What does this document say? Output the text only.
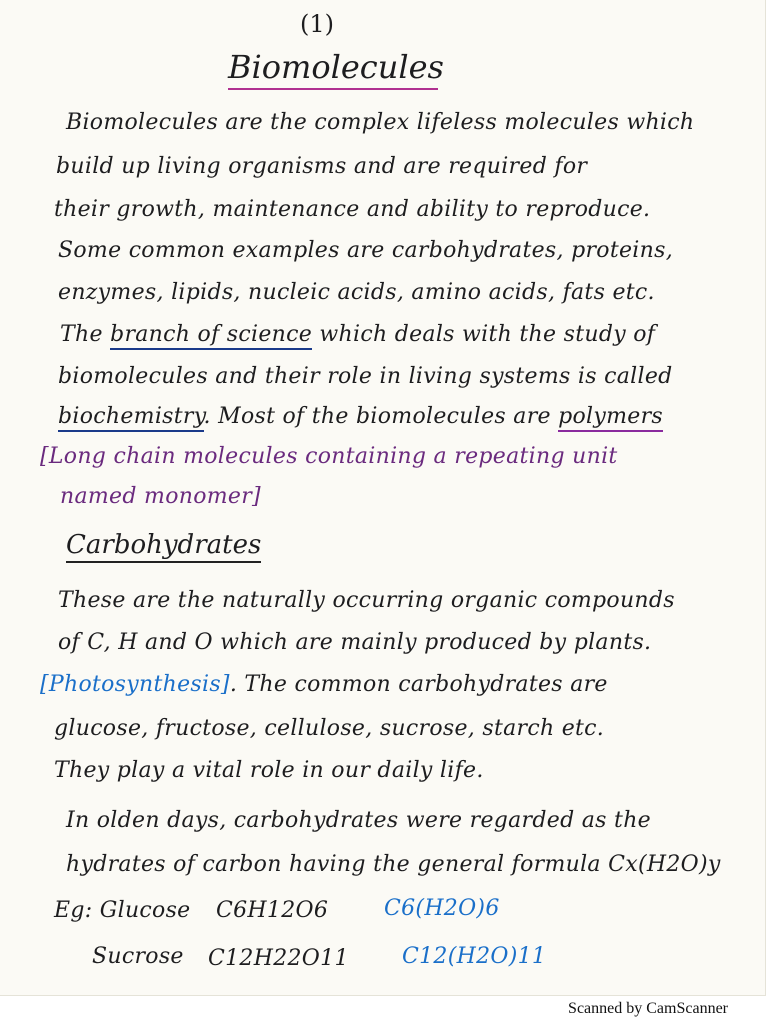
(1)
Biomolecules
Biomolecules are the complex lifeless molecules which
build up living organisms and are required for
their growth, maintenance and ability to reproduce.
Some common examples are carbohydrates, proteins,
enzymes, lipids, nucleic acids, amino acids, fats etc.
The branch of science which deals with the study of
biomolecules and their role in living systems is called
biochemistry. Most of the biomolecules are polymers
[Long chain molecules containing a repeating unit
named monomer]
Carbohydrates
These are the naturally occurring organic compounds
of C, H and O which are mainly produced by plants.
[Photosynthesis]. The common carbohydrates are
glucose, fructose, cellulose, sucrose, starch etc.
They play a vital role in our daily life.
In olden days, carbohydrates were regarded as the
hydrates of carbon having the general formula Cx(H2O)y
Eg: Glucose C6H12O6	C6(H2O)6
Sucrose C12H22O11 C12(H2O)11
Scanned by CamScanner
